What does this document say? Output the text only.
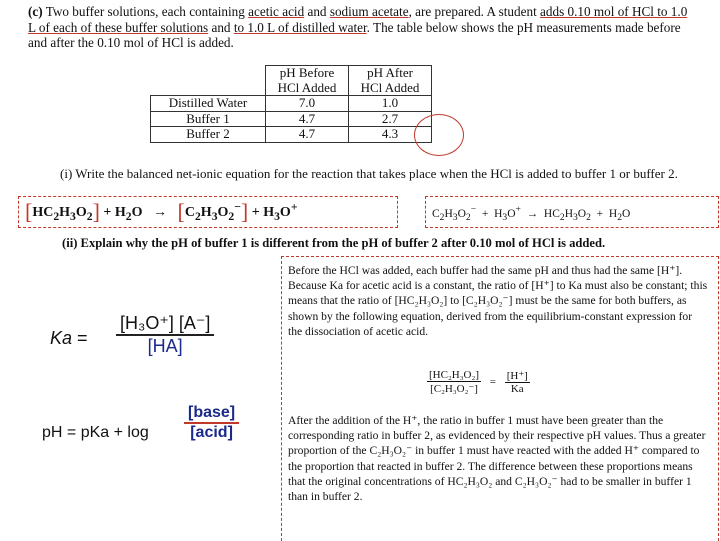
(c) Two buffer solutions, each containing acetic acid and sodium acetate, are prepared. A student adds 0.10 mol of HCl to 1.0 L of each of these buffer solutions and to 1.0 L of distilled water. The table below shows the pH measurements made before and after the 0.10 mol of HCl is added.
	pH Before HCl Added	pH After HCl Added
Distilled Water	7.0	1.0
Buffer 1	4.7	2.7
Buffer 2	4.7	4.3
(i) Write the balanced net-ionic equation for the reaction that takes place when the HCl is added to buffer 1 or buffer 2.
$[HC_2H_3O_2] + H_2O \to [C_2H_3O_2^-] + H_3O^+$
$C_2H_3O_2^- + H_3O^+ \to HC_2H_3O_2 + H_2O$
(ii) Explain why the pH of buffer 1 is different from the pH of buffer 2 after 0.10 mol of HCl is added.
Before the HCl was added, each buffer had the same pH and thus had the same [H⁺]. Because Ka for acetic acid is a constant, the ratio of [H⁺] to Ka must also be constant; this means that the ratio of [HC₂H₃O₂] to [C₂H₃O₂⁻] must be the same for both buffers, as shown by the following equation, derived from the equilibrium-constant expression for the dissociation of acetic acid.
$\frac{\text{[HC₂H₃O₂]}}{\text{[C₂H₃O₂⁻]}} = \frac{[H^+]}{Ka}$
After the addition of the H⁺, the ratio in buffer 1 must have been greater than the corresponding ratio in buffer 2, as evidenced by their respective pH values. Thus a greater proportion of the C₂H₃O₂⁻ in buffer 1 must have reacted with the added H⁺ compared to the proportion that reacted in buffer 2. The difference between these proportions means that the original concentrations of HC₂H₃O₂ and C₂H₃O₂⁻ had to be smaller in buffer 1 than in buffer 2.
$Ka = \frac{\text{[H₃O⁺] [A⁻]}}{[HA]}$
pH = pKa + log
[base]
[acid]
